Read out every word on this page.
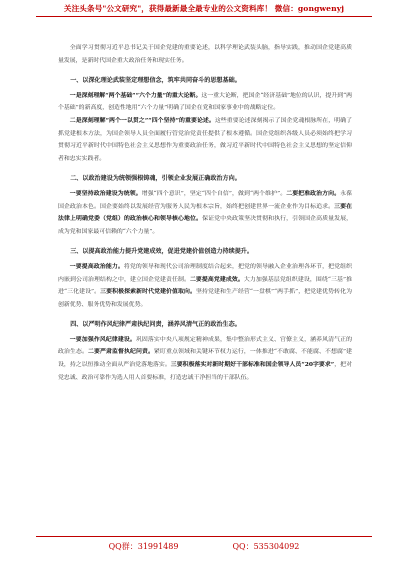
关注头条号"公文研究"，获得最新最全最专业的公文资料库！ 微信：gongwenyj

全面学习贯彻习近平总书记关于国企党建的重要论述，以科学理论武装头脑，指导实践，推动国企党建高质量发展，是新时代国企重大政治任务和现实任务。

一、以深化理论武装坚定理想信念，筑牢共同奋斗的思想基础。

一是深刻理解“两个基础”“六个力量”的重大论断。这一重大论断，把国企“经济基础”地位的认识，提升到“两个基础”的新高度，创造性地用“六个力量”明确了国企在党和国家事业中的战略定位。

二是深刻理解“两个一以贯之”“四个坚持”的重要论述。这些重要论述深刻揭示了国企党魂根脉所在，明确了抓党建根本方法，为国企领导人员全面履行管党治党责任提供了根本遵循。国企党组织各级人员必须始终把学习贯彻习近平新时代中国特色社会主义思想作为重要政治任务，做习近平新时代中国特色社会主义思想的坚定信仰者和忠实实践者。

二、以政治建设为统领强根铸魂，引领企业发展正确政治方向。

一要坚持政治建设为统领。增强“四个意识”，坚定“四个自信”，做到“两个维护”。二要把准政治方向。永葆国企政治本色。国企要始终以发展经营为服务人民为根本宗旨，始终把创建世界一流企业作为目标追求。三要在法律上明确党委（党组）的政治核心和领导核心地位。保证党中央政策坚决贯彻和执行，引领国企高质量发展，成为党和国家最可信赖的“六个力量”。

三、以提高政治能力提升党建成效，促进党建价值创造力持续提升。

一要提高政治能力。将党的领导和现代公司治理制度结合起来，把党的领导融入企业治理各环节，把党组织内嵌到公司治理结构之中，建立国企党建责任制。二要提高党建成效。大力加强基层党组织建设，围绕“三基”推进“三化建设”。三要积极探索新时代党建价值取向。坚持党建和生产经营“一盘棋”“两手抓”，把党建优势转化为创新优势、服务优势和发展优势。

四、以严明作风纪律严肃执纪问责，涵养风清气正的政治生态。

一要加强作风纪律建设。巩固落实中央八项规定精神成果，集中整治形式主义、官僚主义，涵养风清气正的政治生态。二要严肃监督执纪问责。紧盯重点领域和关键环节权力运行，一体推进“不敢腐、不能腐、不想腐”建设，持之以恒推动全面从严治党落地落实。三要积极落实对新时期好干部标准和国企领导人员“20字要求”，把对党忠诚、政治可靠作为选人用人首要标准，打造忠诚干净担当的干部队伍。

QQ群：31991489	QQ：535304092
